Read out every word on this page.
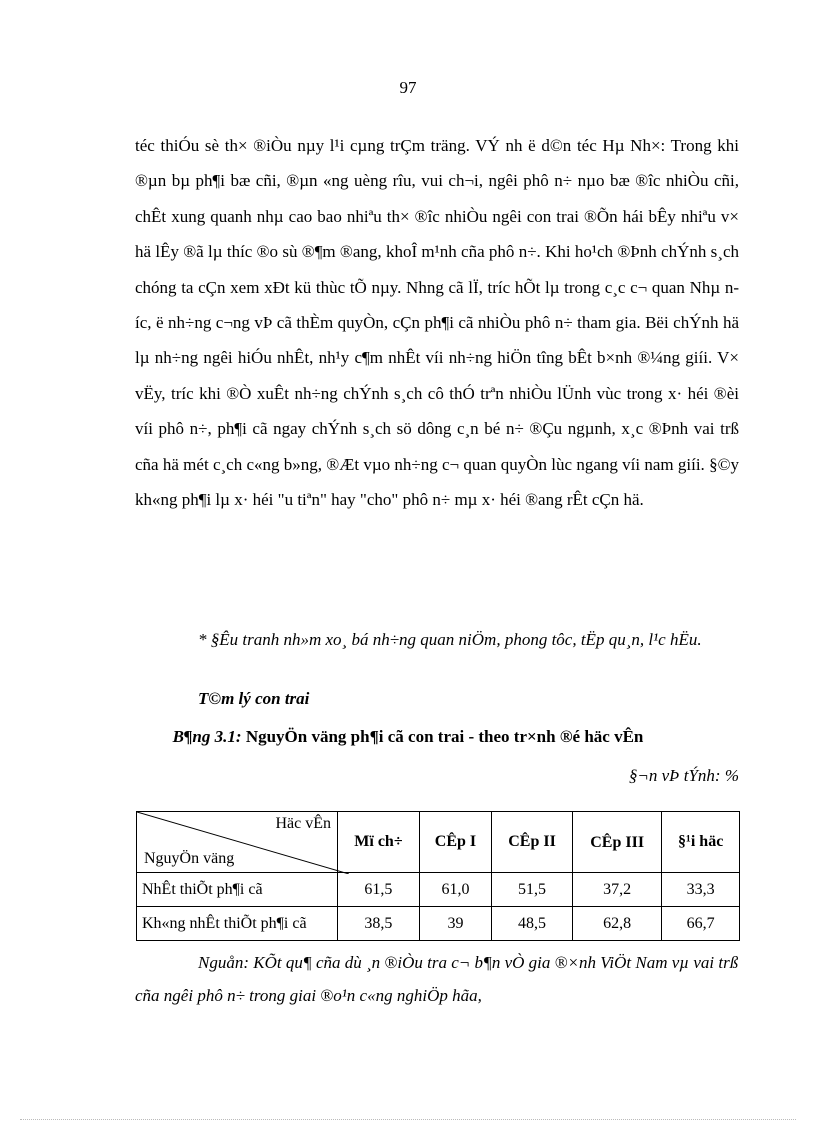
97

téc thiÓu sè th× ®iÒu nµy l¹i cµng trÇm träng. VÝ nh ë d©n téc Hµ Nh×: Trong khi ®µn bµ ph¶i bæ cñi, ®µn «ng uèng rîu, vui ch¬i, ngêi phô n÷ nµo bæ ®îc nhiÒu cñi, chÊt xung quanh nhµ cao bao nhiªu th× ®îc nhiÒu ngêi con trai ®Õn hái bÊy nhiªu v× hä lÊy ®ã lµ thíc ®o sù ®¶m ®ang, khoÎ m¹nh cña phô n÷. Khi ho¹ch ®Þnh chÝnh s¸ch chóng ta cÇn xem xÐt kü thùc tÕ nµy. Nhng cã lÏ, tríc hÕt lµ trong c¸c c¬ quan Nhµ níc, ë nh÷ng c¬ng vÞ cã thÈm quyÒn, cÇn ph¶i cã nhiÒu phô n÷ tham gia. Bëi chÝnh hä lµ nh÷ng ngêi hiÓu nhÊt, nh¹y c¶m nhÊt víi nh÷ng hiÖn tîng bÊt b×nh ®¼ng giíi. V× vËy, tríc khi ®Ò xuÊt nh÷ng chÝnh s¸ch cô thÓ trªn nhiÒu lÜnh vùc trong x· héi ®èi víi phô n÷, ph¶i cã ngay chÝnh s¸ch sö dông c¸n bé n÷ ®Çu ngµnh, x¸c ®Þnh vai trß cña hä mét c¸ch c«ng b»ng, ®Æt vµo nh÷ng c¬ quan quyÒn lùc ngang víi nam giíi. §©y kh«ng ph¶i lµ x· héi "u tiªn" hay "cho" phô n÷ mµ x· héi ®ang rÊt cÇn hä.

* §Êu tranh nh»m xo¸ bá nh÷ng quan niÖm, phong tôc, tËp qu¸n, l¹c hËu.

T©m lý con trai
B¶ng 3.1: NguyÖn väng ph¶i cã con trai - theo tr×nh ®é häc vÊn
§¬n vÞ tÝnh: %
Häc vÊn
NguyÖn väng	Mï ch÷	CÊp I	CÊp II	CÊp III	§¹i häc
NhÊt thiÕt ph¶i cã	61,5	61,0	51,5	37,2	33,3
Kh«ng nhÊt thiÕt ph¶i cã	38,5	39	48,5	62,8	66,7

Nguån: KÕt qu¶ cña dù ¸n ®iÒu tra c¬ b¶n vÒ gia ®×nh ViÖt Nam vµ vai trß cña ngêi phô n÷ trong giai ®o¹n c«ng nghiÖp hãa,
